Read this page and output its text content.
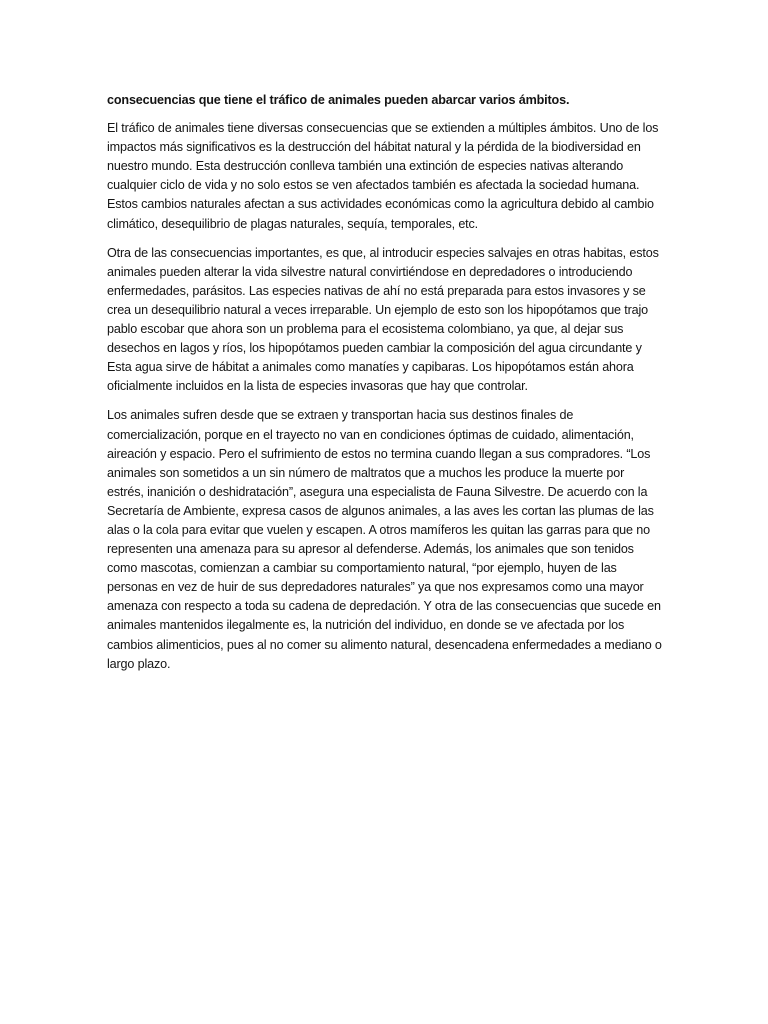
consecuencias que tiene el tráfico de animales pueden abarcar varios ámbitos.

El tráfico de animales tiene diversas consecuencias que se extienden a múltiples ámbitos. Uno de los impactos más significativos es la destrucción del hábitat natural y la pérdida de la biodiversidad en nuestro mundo. Esta destrucción conlleva también una extinción de especies nativas alterando cualquier ciclo de vida y no solo estos se ven afectados también es afectada la sociedad humana. Estos cambios naturales afectan a sus actividades económicas como la agricultura debido al cambio climático, desequilibrio de plagas naturales, sequía, temporales, etc.

Otra de las consecuencias importantes, es que, al introducir especies salvajes en otras habitas, estos animales pueden alterar la vida silvestre natural convirtiéndose en depredadores o introduciendo enfermedades, parásitos. Las especies nativas de ahí no está preparada para estos invasores y se crea un desequilibrio natural a veces irreparable. Un ejemplo de esto son los hipopótamos que trajo pablo escobar que ahora son un problema para el ecosistema colombiano, ya que, al dejar sus desechos en lagos y ríos, los hipopótamos pueden cambiar la composición del agua circundante y Esta agua sirve de hábitat a animales como manatíes y capibaras. Los hipopótamos están ahora oficialmente incluidos en la lista de especies invasoras que hay que controlar.

Los animales sufren desde que se extraen y transportan hacia sus destinos finales de comercialización, porque en el trayecto no van en condiciones óptimas de cuidado, alimentación, aireación y espacio. Pero el sufrimiento de estos no termina cuando llegan a sus compradores. “Los animales son sometidos a un sin número de maltratos que a muchos les produce la muerte por estrés, inanición o deshidratación”, asegura una especialista de Fauna Silvestre. De acuerdo con la Secretaría de Ambiente, expresa casos de algunos animales, a las aves les cortan las plumas de las alas o la cola para evitar que vuelen y escapen. A otros mamíferos les quitan las garras para que no representen una amenaza para su apresor al defenderse. Además, los animales que son tenidos como mascotas, comienzan a cambiar su comportamiento natural, “por ejemplo, huyen de las personas en vez de huir de sus depredadores naturales” ya que nos expresamos como una mayor amenaza con respecto a toda su cadena de depredación. Y otra de las consecuencias que sucede en animales mantenidos ilegalmente es, la nutrición del individuo, en donde se ve afectada por los cambios alimenticios, pues al no comer su alimento natural, desencadena enfermedades a mediano o largo plazo.
